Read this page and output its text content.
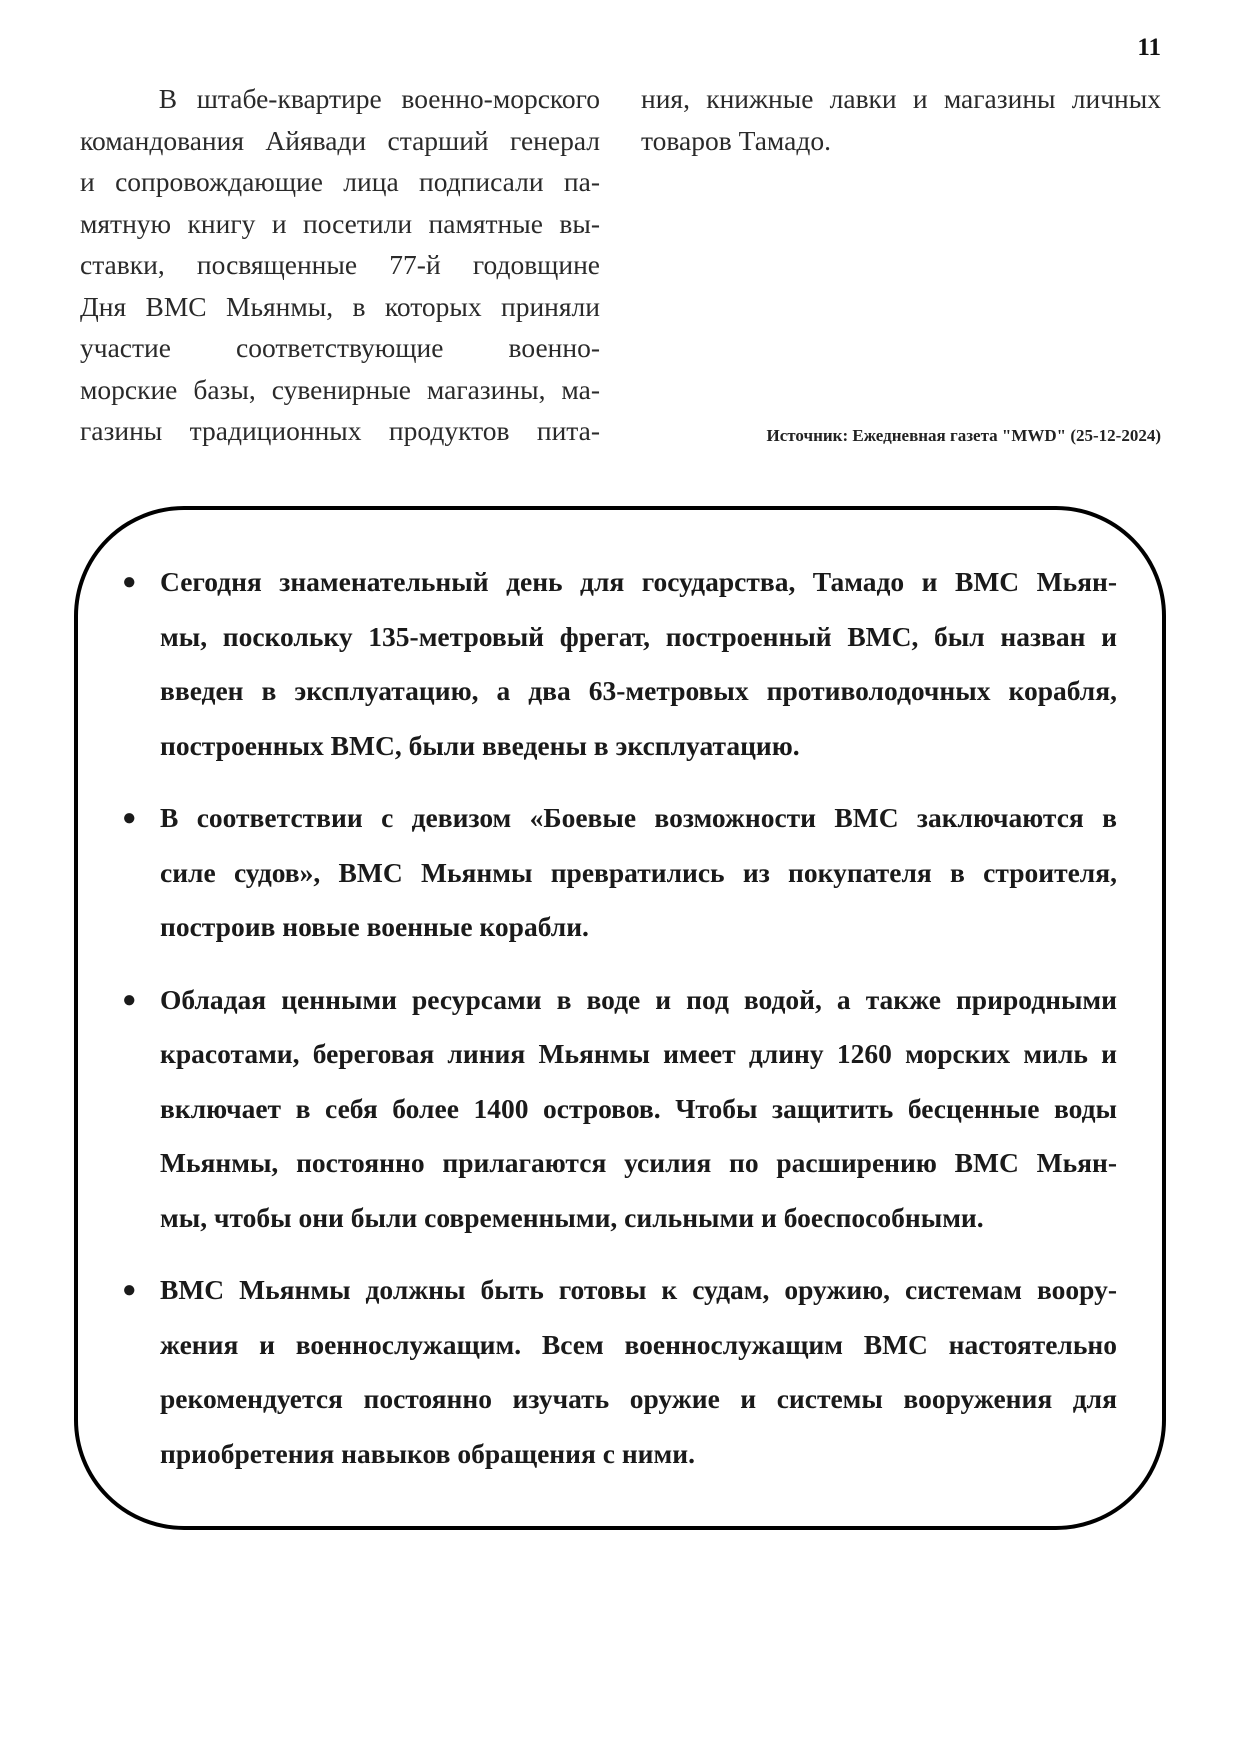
11
В штабе-квартире военно-морского
командования Айявади старший генерал
и сопровождающие лица подписали па-
мятную книгу и посетили памятные вы-
ставки, посвященные 77-й годовщине
Дня ВМС Мьянмы, в которых приняли
участие соответствующие военно-
морские базы, сувенирные магазины, ма-
газины традиционных продуктов пита-
ния, книжные лавки и магазины личных
товаров Тамадо.
Источник: Ежедневная газета "MWD" (25-12-2024)
● Сегодня знаменательный день для государства, Тамадо и ВМС Мьян-
мы, поскольку 135-метровый фрегат, построенный ВМС, был назван и
введен в эксплуатацию, а два 63-метровых противолодочных корабля,
построенных ВМС, были введены в эксплуатацию.
● В соответствии с девизом «Боевые возможности ВМС заключаются в
силе судов», ВМС Мьянмы превратились из покупателя в строителя,
построив новые военные корабли.
● Обладая ценными ресурсами в воде и под водой, а также природными
красотами, береговая линия Мьянмы имеет длину 1260 морских миль и
включает в себя более 1400 островов. Чтобы защитить бесценные воды
Мьянмы, постоянно прилагаются усилия по расширению ВМС Мьян-
мы, чтобы они были современными, сильными и боеспособными.
● ВМС Мьянмы должны быть готовы к судам, оружию, системам воору-
жения и военнослужащим. Всем военнослужащим ВМС настоятельно
рекомендуется постоянно изучать оружие и системы вооружения для
приобретения навыков обращения с ними.
